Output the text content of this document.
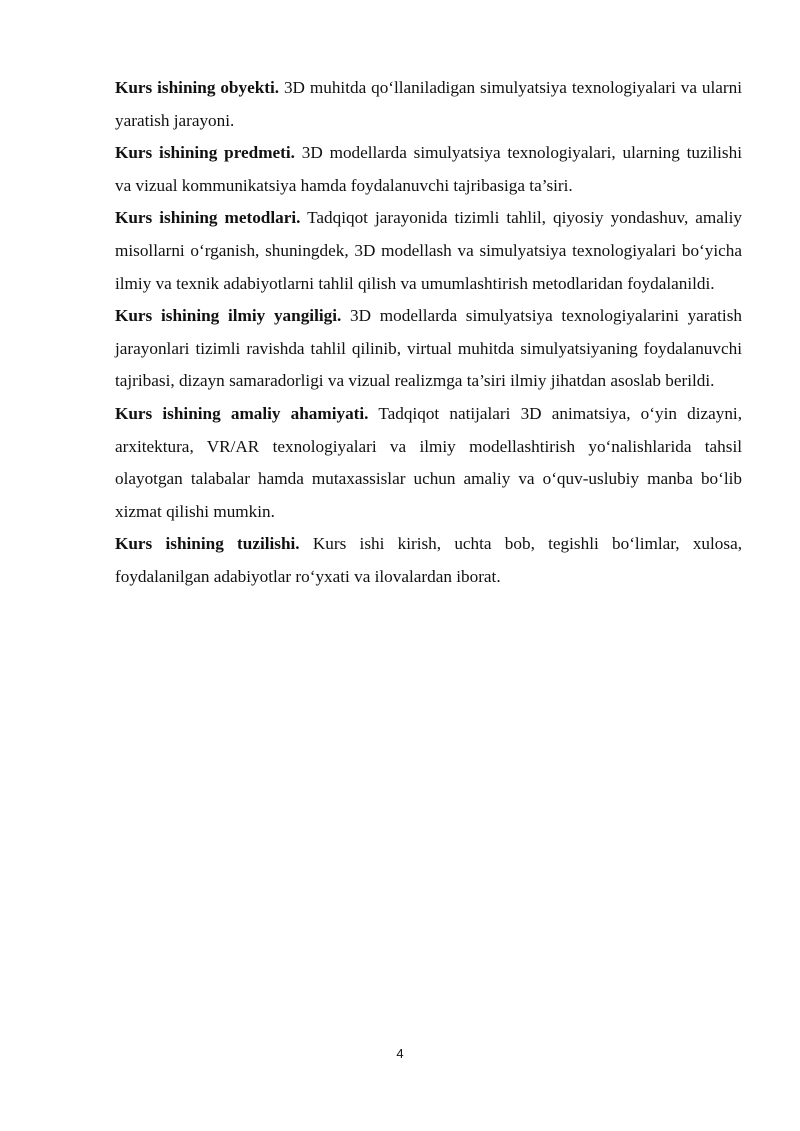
Kurs ishining obyekti. 3D muhitda qo‘llaniladigan simulyatsiya texnologiyalari va ularni yaratish jarayoni.

Kurs ishining predmeti. 3D modellarda simulyatsiya texnologiyalari, ularning tuzilishi va vizual kommunikatsiya hamda foydalanuvchi tajribasiga ta’siri.

Kurs ishining metodlari. Tadqiqot jarayonida tizimli tahlil, qiyosiy yondashuv, amaliy misollarni o‘rganish, shuningdek, 3D modellash va simulyatsiya texnologiyalari bo‘yicha ilmiy va texnik adabiyotlarni tahlil qilish va umumlashtirish metodlaridan foydalanildi.

Kurs ishining ilmiy yangiligi. 3D modellarda simulyatsiya texnologiyalarini yaratish jarayonlari tizimli ravishda tahlil qilinib, virtual muhitda simulyatsiyaning foydalanuvchi tajribasi, dizayn samaradorligi va vizual realizmga ta’siri ilmiy jihatdan asoslab berildi.

Kurs ishining amaliy ahamiyati. Tadqiqot natijalari 3D animatsiya, o‘yin dizayni, arxitektura, VR/AR texnologiyalari va ilmiy modellashtirish yo‘nalishlarida tahsil olayotgan talabalar hamda mutaxassislar uchun amaliy va o‘quv-uslubiy manba bo‘lib xizmat qilishi mumkin.

Kurs ishining tuzilishi. Kurs ishi kirish, uchta bob, tegishli bo‘limlar, xulosa, foydalanilgan adabiyotlar ro‘yxati va ilovalardan iborat.

4
